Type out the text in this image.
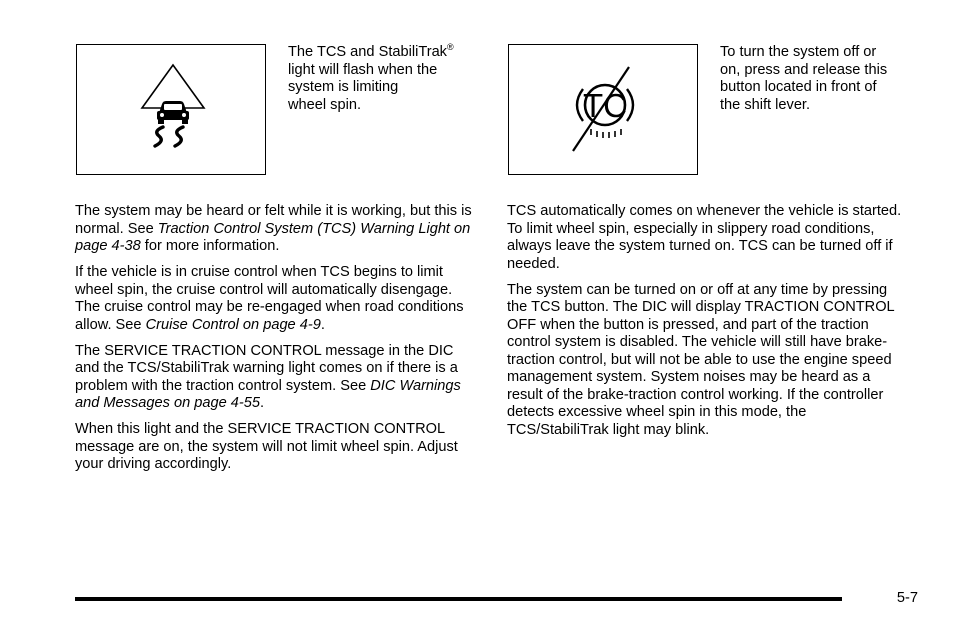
The TCS and StabiliTrak®
light will flash when the
system is limiting
wheel spin.	TC
To turn the system off or
on, press and release this
button located in front of
the shift lever.

The system may be heard or felt while it is working, but this is normal. See Traction Control System (TCS) Warning Light on page 4-38 for more information.

If the vehicle is in cruise control when TCS begins to limit wheel spin, the cruise control will automatically disengage. The cruise control may be re-engaged when road conditions allow. See Cruise Control on page 4-9.

The SERVICE TRACTION CONTROL message in the DIC and the TCS/StabiliTrak warning light comes on if there is a problem with the traction control system. See DIC Warnings and Messages on page 4-55.

When this light and the SERVICE TRACTION CONTROL message are on, the system will not limit wheel spin. Adjust your driving accordingly.

TCS automatically comes on whenever the vehicle is started. To limit wheel spin, especially in slippery road conditions, always leave the system turned on. TCS can be turned off if needed.

The system can be turned on or off at any time by pressing the TCS button. The DIC will display TRACTION CONTROL OFF when the button is pressed, and part of the traction control system is disabled. The vehicle will still have brake-traction control, but will not be able to use the engine speed management system. System noises may be heard as a result of the brake-traction control working. If the controller detects excessive wheel spin in this mode, the TCS/StabiliTrak light may blink.

5-7
